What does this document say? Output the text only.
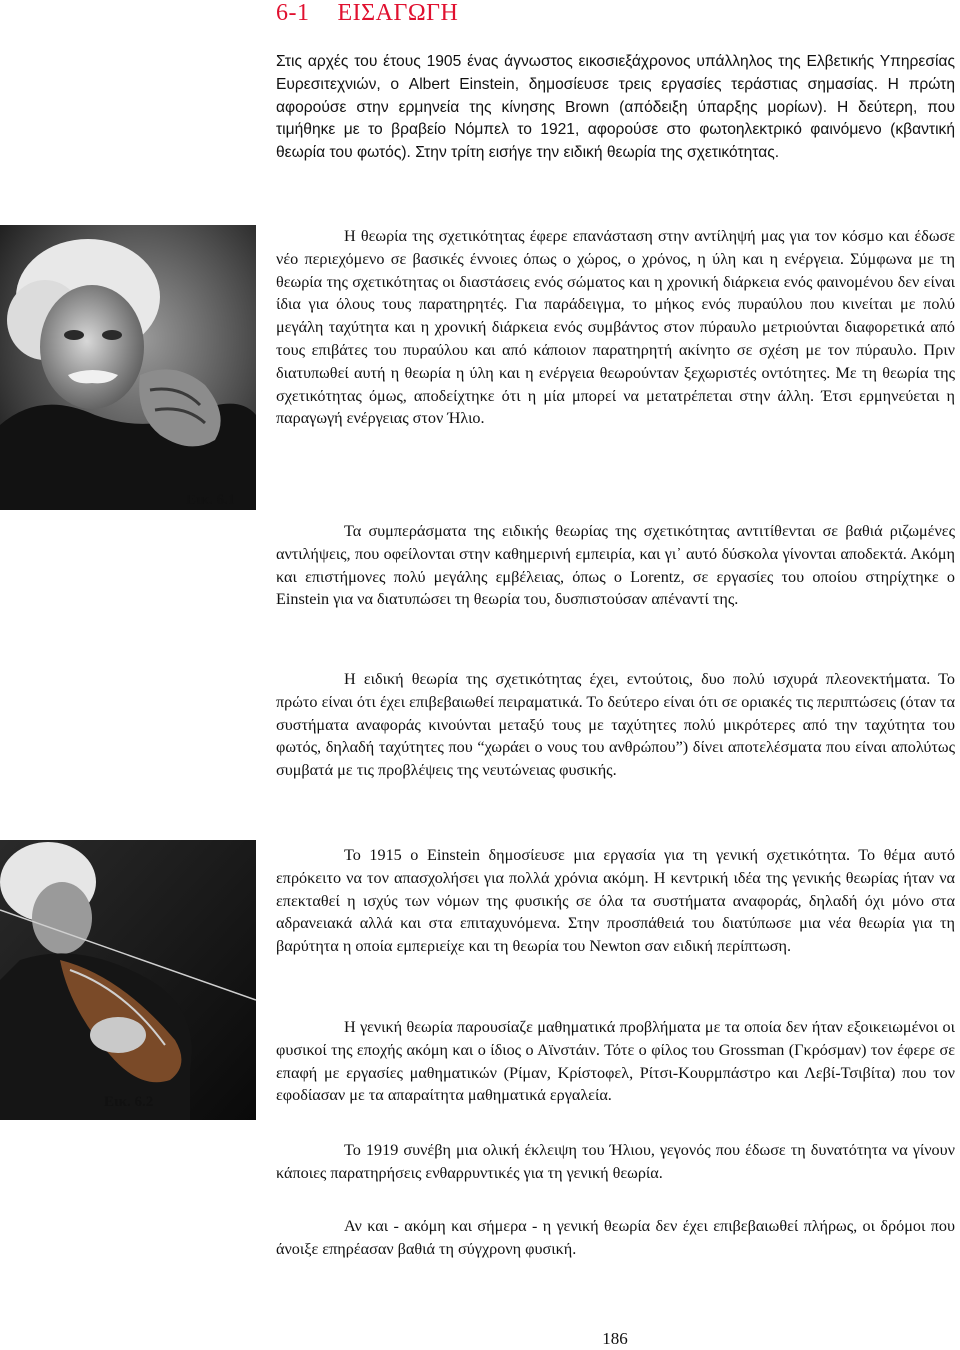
6-1 ΕΙΣΑΓΩΓΗ
Στις αρχές του έτους 1905 ένας άγνωστος εικοσιεξάχρονος υπάλληλος της Ελβετικής Υπηρεσίας Ευρεσιτεχνιών, ο Albert Einstein, δημοσίευσε τρεις εργασίες τεράστιας σημασίας. Η πρώτη αφορούσε στην ερμηνεία της κίνησης Brown (απόδειξη ύπαρξης μορίων). Η δεύτερη, που τιμήθηκε με το βραβείο Νόμπελ το 1921, αφορούσε στο φωτοηλεκτρικό φαινόμενο (κβαντική θεωρία του φωτός). Στην τρίτη εισήγε την ειδική θεωρία της σχετικότητας.
Εικ. 6.1

Η θεωρία της σχετικότητας έφερε επανάσταση στην αντίληψή μας για τον κόσμο και έδωσε νέο περιεχόμενο σε βασικές έννοιες όπως ο χώρος, ο χρόνος, η ύλη και η ενέργεια. Σύμφωνα με τη θεωρία της σχετικότητας οι διαστάσεις ενός σώματος και η χρονική διάρκεια ενός φαινομένου δεν είναι ίδια για όλους τους παρατηρητές. Για παράδειγμα, το μήκος ενός πυραύλου που κινείται με πολύ μεγάλη ταχύτητα και η χρονική διάρκεια ενός συμβάντος στον πύραυλο μετριούνται διαφορετικά από τους επιβάτες του πυραύλου και από κάποιον παρατηρητή ακίνητο σε σχέση με τον πύραυλο. Πριν διατυπωθεί αυτή η θεωρία η ύλη και η ενέργεια θεωρούνταν ξεχωριστές οντότητες. Με τη θεωρία της σχετικότητας όμως, αποδείχτηκε ότι η μία μπορεί να μετατρέπεται στην άλλη. Έτσι ερμηνεύεται η παραγωγή ενέργειας στον Ήλιο.

Τα συμπεράσματα της ειδικής θεωρίας της σχετικότητας αντιτίθενται σε βαθιά ριζωμένες αντιλήψεις, που οφείλονται στην καθημερινή εμπειρία, και γι᾽ αυτό δύσκολα γίνονται αποδεκτά. Ακόμη και επιστήμονες πολύ μεγάλης εμβέλειας, όπως ο Lorentz, σε εργασίες του οποίου στηρίχτηκε ο Einstein για να διατυπώσει τη θεωρία του, δυσπιστούσαν απέναντί της.

Η ειδική θεωρία της σχετικότητας έχει, εντούτοις, δυο πολύ ισχυρά πλεονεκτήματα. Το πρώτο είναι ότι έχει επιβεβαιωθεί πειραματικά. Το δεύτερο είναι ότι σε οριακές τις περιπτώσεις (όταν τα συστήματα αναφοράς κινούνται μεταξύ τους με ταχύτητες πολύ μικρότερες από την ταχύτητα του φωτός, δηλαδή ταχύτητες που “χωράει ο νους του ανθρώπου”) δίνει αποτελέσματα που είναι απολύτως συμβατά με τις προβλέψεις της νευτώνειας φυσικής.

Εικ. 6.2

Το 1915 ο Einstein δημοσίευσε μια εργασία για τη γενική σχετικότητα. Το θέμα αυτό επρόκειτο να τον απασχολήσει για πολλά χρόνια ακόμη. Η κεντρική ιδέα της γενικής θεωρίας ήταν να επεκταθεί η ισχύς των νόμων της φυσικής σε όλα τα συστήματα αναφοράς, δηλαδή όχι μόνο στα αδρανειακά αλλά και στα επιταχυνόμενα. Στην προσπάθειά του διατύπωσε μια νέα θεωρία για τη βαρύτητα η οποία εμπεριείχε και τη θεωρία του Newton σαν ειδική περίπτωση.

Η γενική θεωρία παρουσίαζε μαθηματικά προβλήματα με τα οποία δεν ήταν εξοικειωμένοι οι φυσικοί της εποχής ακόμη και ο ίδιος ο Αϊνστάιν. Τότε ο φίλος του Grossman (Γκρόσμαν) τον έφερε σε επαφή με εργασίες μαθηματικών (Ρίμαν, Κρίστοφελ, Ρίτσι-Κουρμπάστρο και Λεβί-Τσιβίτα) που τον εφοδίασαν με τα απαραίτητα μαθηματικά εργαλεία.

Το 1919 συνέβη μια ολική έκλειψη του Ήλιου, γεγονός που έδωσε τη δυνατότητα να γίνουν κάποιες παρατηρήσεις ενθαρρυντικές για τη γενική θεωρία.

Αν και - ακόμη και σήμερα - η γενική θεωρία δεν έχει επιβεβαιωθεί πλήρως, οι δρόμοι που άνοιξε επηρέασαν βαθιά τη σύγχρονη φυσική.

186
